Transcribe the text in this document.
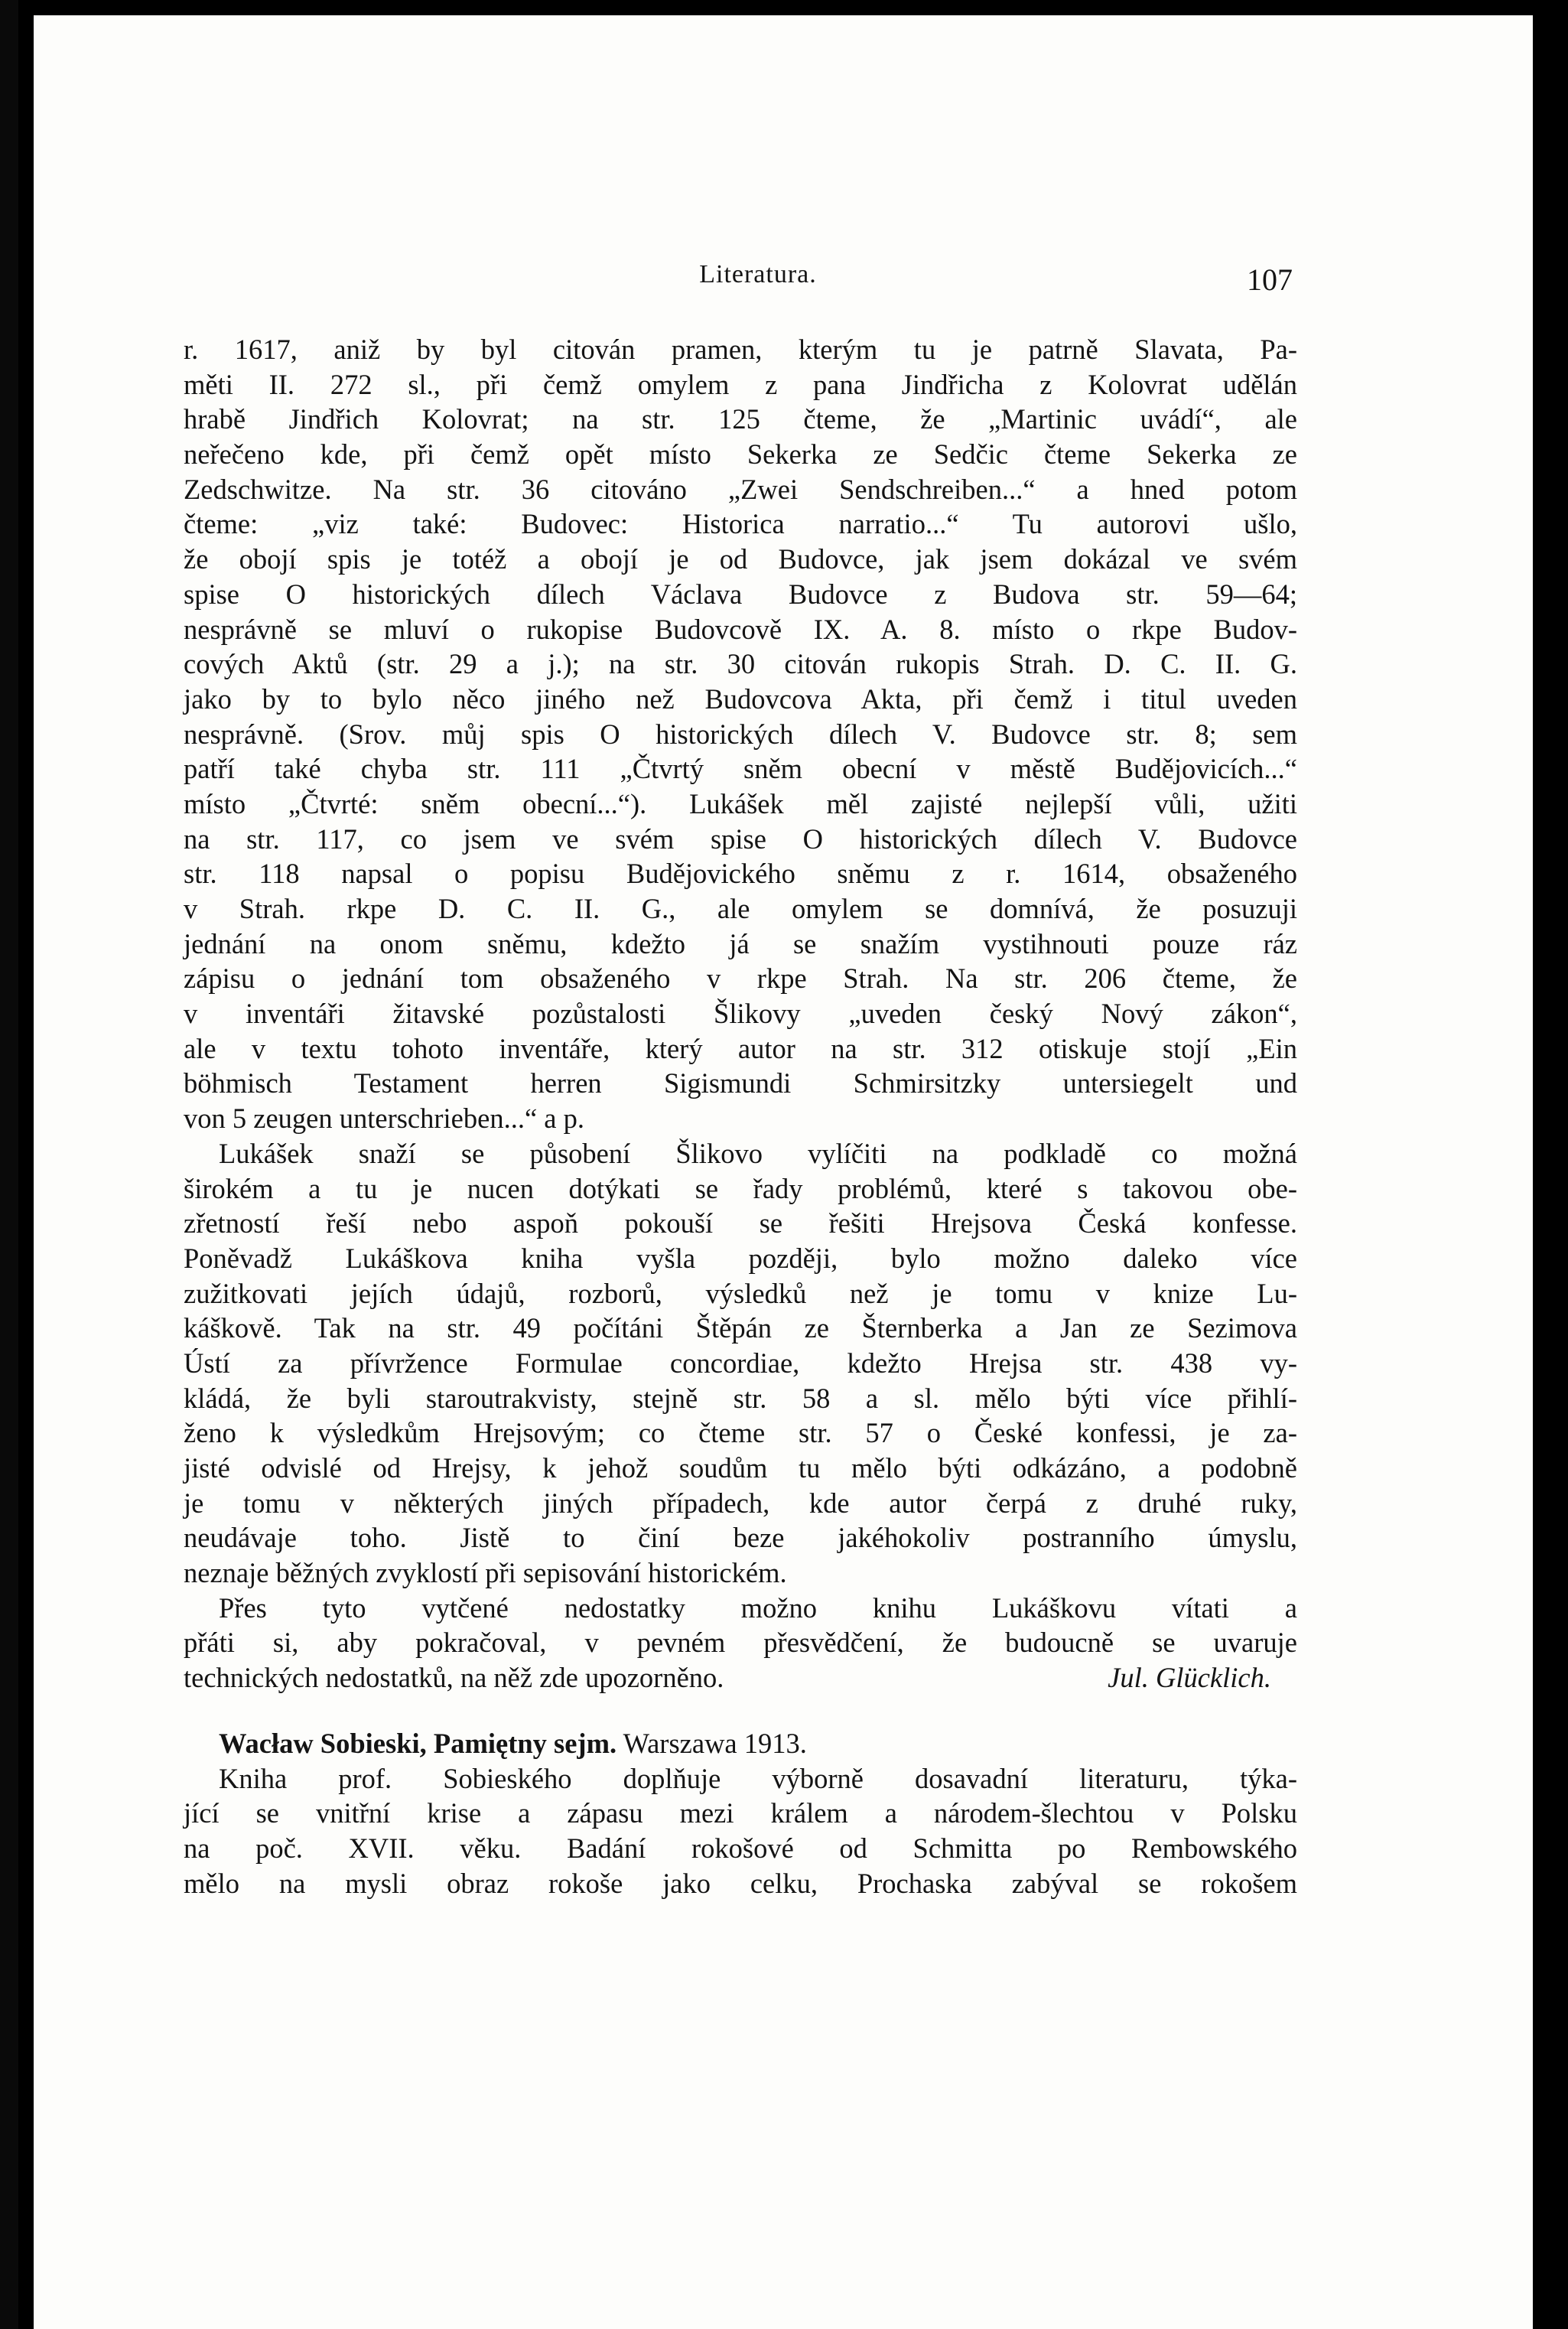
Literatura.	107
r. 1617, aniž by byl citován pramen, kterým tu je patrně Slavata, Pa-
měti II. 272 sl., při čemž omylem z pana Jindřicha z Kolovrat udělán
hrabě Jindřich Kolovrat; na str. 125 čteme, že „Martinic uvádí“, ale
neřečeno kde, při čemž opět místo Sekerka ze Sedčic čteme Sekerka ze
Zedschwitze. Na str. 36 citováno „Zwei Sendschreiben...“ a hned potom
čteme: „viz také: Budovec: Historica narratio...“ Tu autorovi ušlo,
že obojí spis je totéž a obojí je od Budovce, jak jsem dokázal ve svém
spise O historických dílech Václava Budovce z Budova str. 59—64;
nesprávně se mluví o rukopise Budovcově IX. A. 8. místo o rkpe Budov-
cových Aktů (str. 29 a j.); na str. 30 citován rukopis Strah. D. C. II. G.
jako by to bylo něco jiného než Budovcova Akta, při čemž i titul uveden
nesprávně. (Srov. můj spis O historických dílech V. Budovce str. 8; sem
patří také chyba str. 111 „Čtvrtý sněm obecní v městě Budějovicích...“
místo „Čtvrté: sněm obecní...“). Lukášek měl zajisté nejlepší vůli, užiti
na str. 117, co jsem ve svém spise O historických dílech V. Budovce
str. 118 napsal o popisu Budějovického sněmu z r. 1614, obsaženého
v Strah. rkpe D. C. II. G., ale omylem se domnívá, že posuzuji
jednání na onom sněmu, kdežto já se snažím vystihnouti pouze ráz
zápisu o jednání tom obsaženého v rkpe Strah. Na str. 206 čteme, že
v inventáři žitavské pozůstalosti Šlikovy „uveden český Nový zákon“,
ale v textu tohoto inventáře, který autor na str. 312 otiskuje stojí „Ein
böhmisch Testament herren Sigismundi Schmirsitzky untersiegelt und
von 5 zeugen unterschrieben...“ a p.
Lukášek snaží se působení Šlikovo vylíčiti na podkladě co možná
širokém a tu je nucen dotýkati se řady problémů, které s takovou obe-
zřetností řeší nebo aspoň pokouší se řešiti Hrejsova Česká konfesse.
Poněvadž Lukáškova kniha vyšla později, bylo možno daleko více
zužitkovati jejích údajů, rozborů, výsledků než je tomu v knize Lu-
káškově. Tak na str. 49 počítáni Štěpán ze Šternberka a Jan ze Sezimova
Ústí za přívržence Formulae concordiae, kdežto Hrejsa str. 438 vy-
kládá, že byli staroutrakvisty, stejně str. 58 a sl. mělo býti více přihlí-
ženo k výsledkům Hrejsovým; co čteme str. 57 o České konfessi, je za-
jisté odvislé od Hrejsy, k jehož soudům tu mělo býti odkázáno, a podobně
je tomu v některých jiných případech, kde autor čerpá z druhé ruky,
neudávaje toho. Jistě to činí beze jakéhokoliv postranního úmyslu,
neznaje běžných zvyklostí při sepisování historickém.
Přes tyto vytčené nedostatky možno knihu Lukáškovu vítati a
přáti si, aby pokračoval, v pevném přesvědčení, že budoucně se uvaruje
technických nedostatků, na něž zde upozorněno.	Jul. Glücklich.
Wacław Sobieski, Pamiętny sejm. Warszawa 1913.
Kniha prof. Sobieského doplňuje výborně dosavadní literaturu, týka-
jící se vnitřní krise a zápasu mezi králem a národem-šlechtou v Polsku
na poč. XVII. věku. Badání rokošové od Schmitta po Rembowského
mělo na mysli obraz rokoše jako celku, Prochaska zabýval se rokošem
